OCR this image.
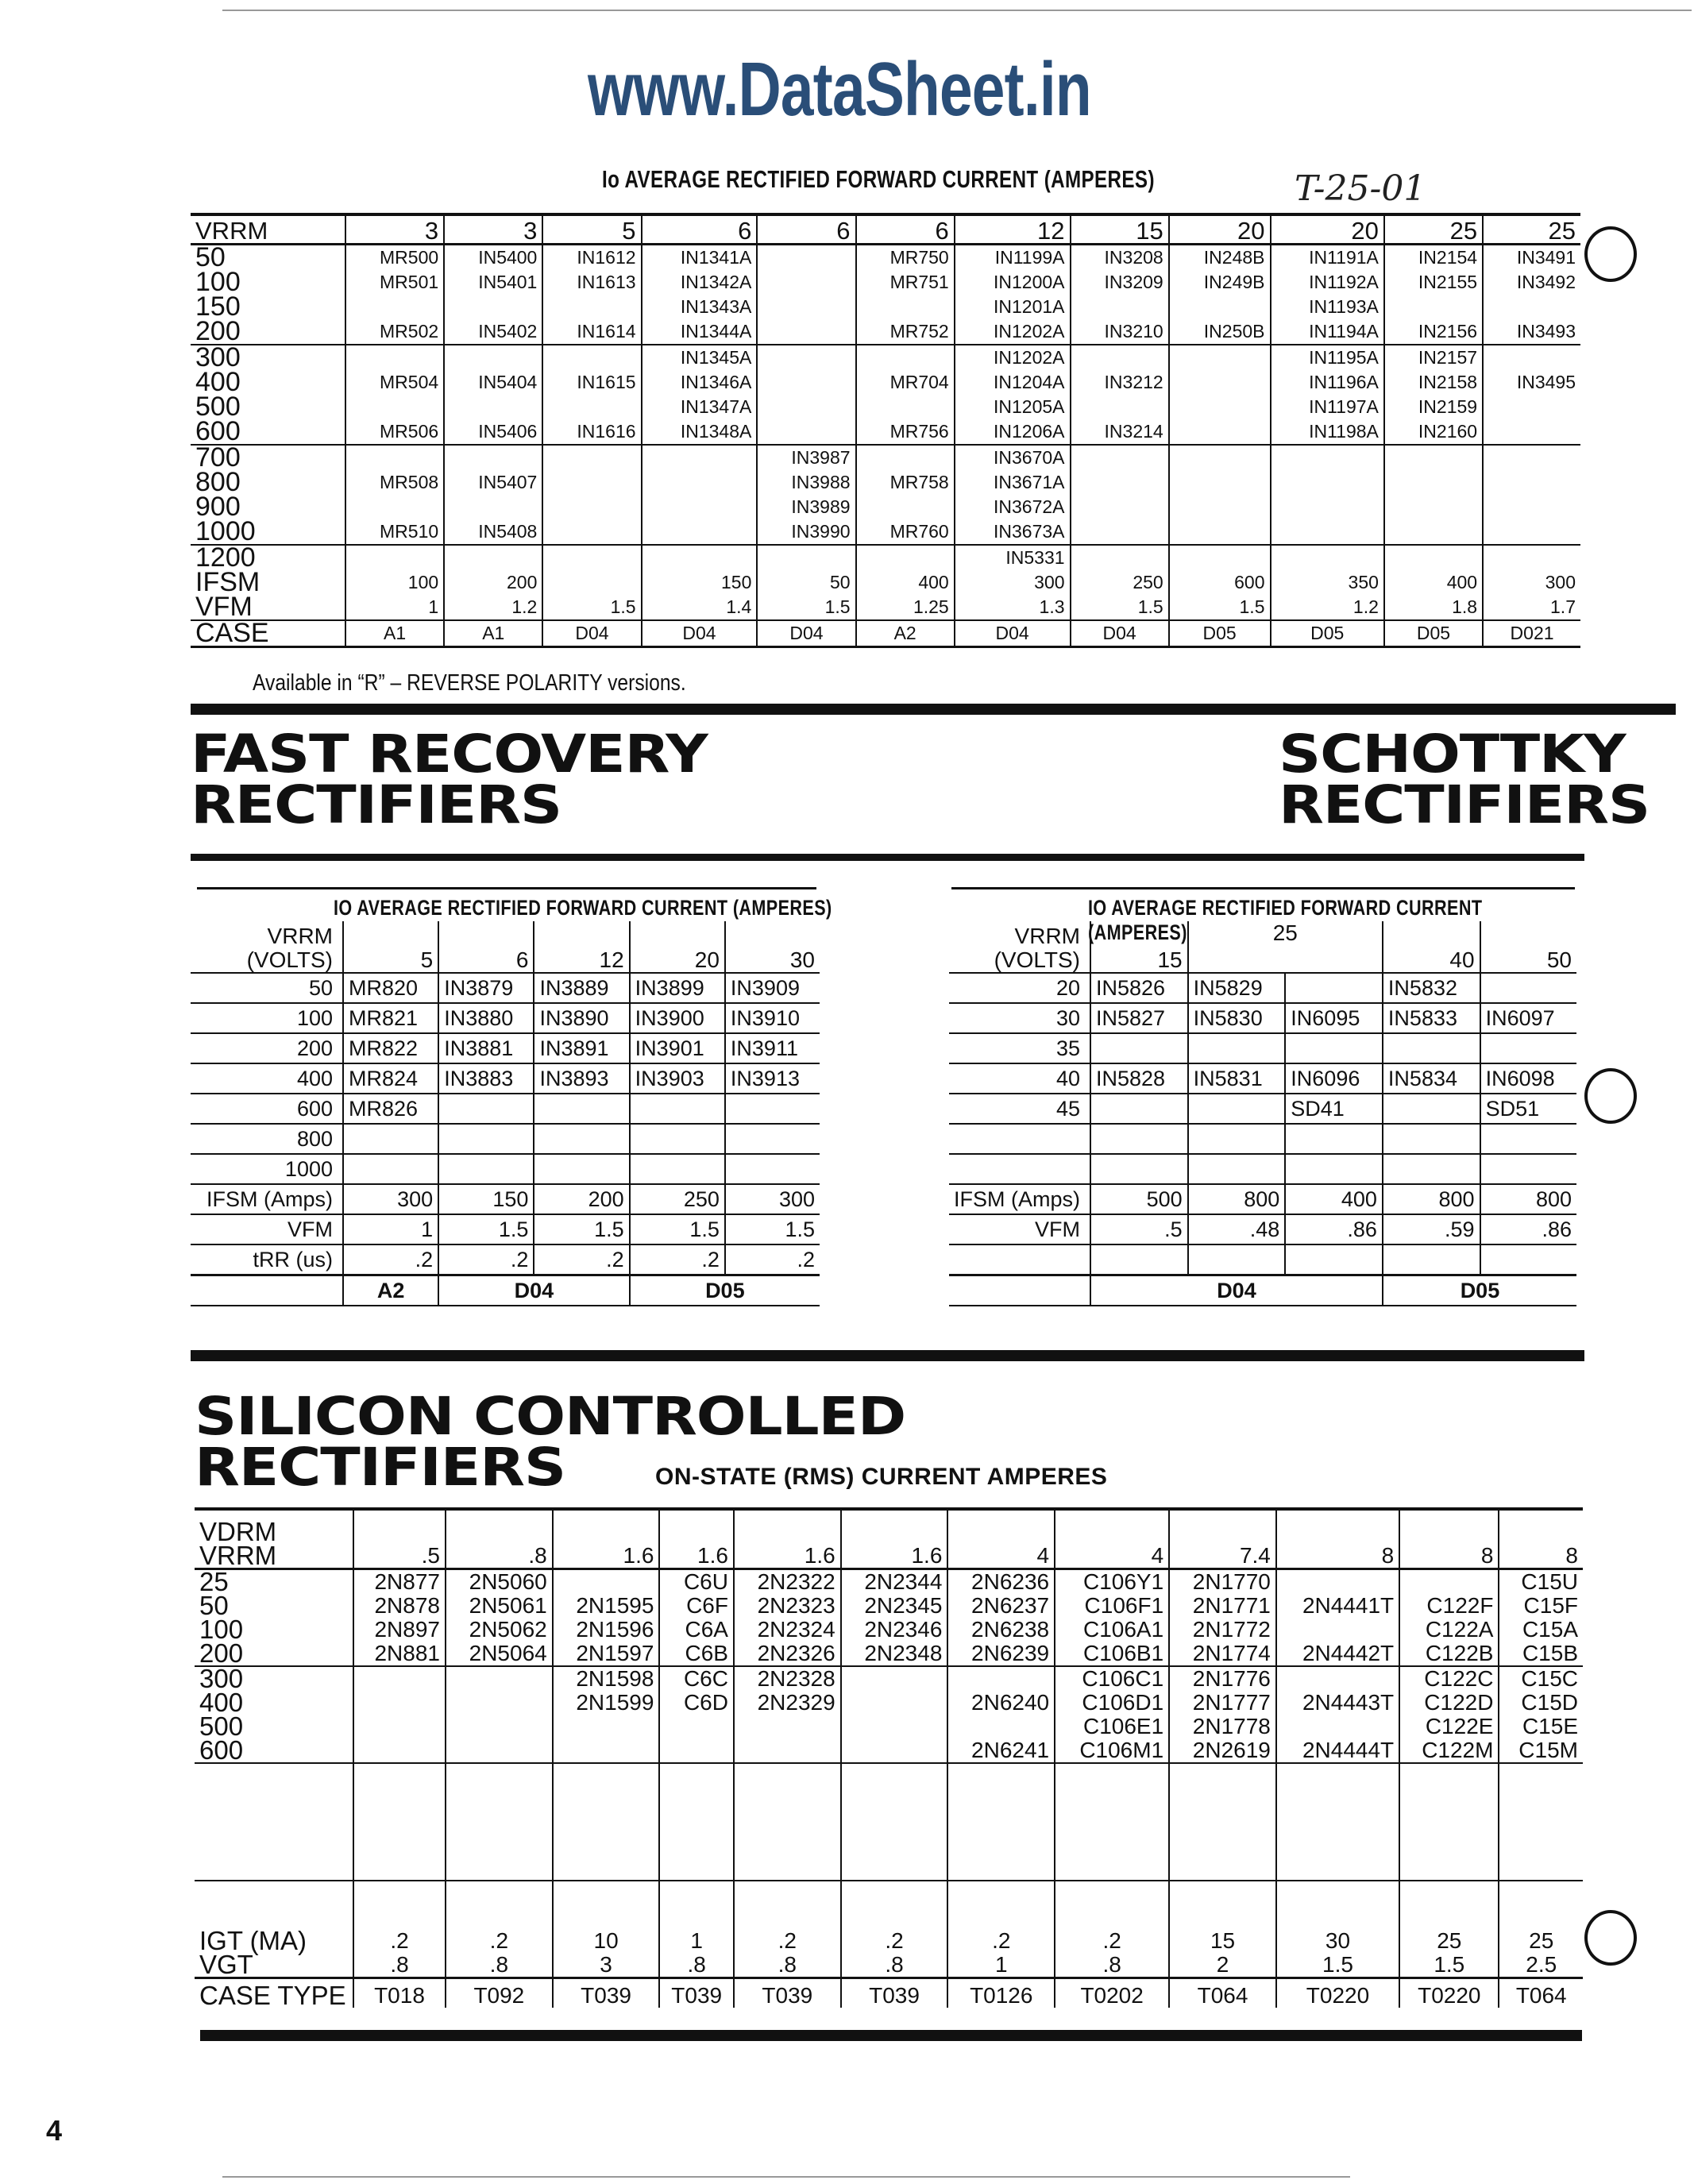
www.DataSheet.in
Io AVERAGE RECTIFIED FORWARD CURRENT (AMPERES)	T-25-01
VRRM	3	3	5	6	6	6	12	15	20	20	25	25
50	MR500	IN5400	IN1612	IN1341A		MR750	IN1199A	IN3208	IN248B	IN1191A	IN2154	IN3491
100	MR501	IN5401	IN1613	IN1342A		MR751	IN1200A	IN3209	IN249B	IN1192A	IN2155	IN3492
150				IN1343A			IN1201A			IN1193A		
200	MR502	IN5402	IN1614	IN1344A		MR752	IN1202A	IN3210	IN250B	IN1194A	IN2156	IN3493
300				IN1345A			IN1202A			IN1195A	IN2157	
400	MR504	IN5404	IN1615	IN1346A		MR704	IN1204A	IN3212		IN1196A	IN2158	IN3495
500				IN1347A			IN1205A			IN1197A	IN2159	
600	MR506	IN5406	IN1616	IN1348A		MR756	IN1206A	IN3214		IN1198A	IN2160	
700					IN3987		IN3670A					
800	MR508	IN5407			IN3988	MR758	IN3671A					
900					IN3989		IN3672A					
1000	MR510	IN5408			IN3990	MR760	IN3673A					
1200							IN5331					
IFSM	100	200		150	50	400	300	250	600	350	400	300
VFM	1	1.2	1.5	1.4	1.5	1.25	1.3	1.5	1.5	1.2	1.8	1.7
CASE	A1	A1	D04	D04	D04	A2	D04	D04	D05	D05	D05	D021
Available in “R” – REVERSE POLARITY versions.
FAST RECOVERY
RECTIFIERS
SCHOTTKY
RECTIFIERS
IO AVERAGE RECTIFIED FORWARD CURRENT (AMPERES)
VRRM
(VOLTS)	5	6	12	20	30
50	MR820	IN3879	IN3889	IN3899	IN3909
100	MR821	IN3880	IN3890	IN3900	IN3910
200	MR822	IN3881	IN3891	IN3901	IN3911
400	MR824	IN3883	IN3893	IN3903	IN3913
600	MR826				
800					
1000					
IFSM (Amps)	300	150	200	250	300
VFM	1	1.5	1.5	1.5	1.5
tRR (us)	.2	.2	.2	.2	.2
	A2	D04		D05	
IO AVERAGE RECTIFIED FORWARD CURRENT (AMPERES)
VRRM
(VOLTS)	15	25		40	50
20	IN5826	IN5829		IN5832	
30	IN5827	IN5830	IN6095	IN5833	IN6097
35					
40	IN5828	IN5831	IN6096	IN5834	IN6098
45			SD41		SD51

IFSM (Amps)	500	800	400	800	800
VFM	.5	.48	.86	.59	.86

	D04			D05	
SILICON CONTROLLED
RECTIFIERS	ON-STATE (RMS) CURRENT AMPERES
VDRM
VRRM	.5	.8	1.6	1.6	1.6	1.6	4	4	7.4	8	8	8
25	2N877	2N5060		C6U	2N2322	2N2344	2N6236	C106Y1	2N1770			C15U
50	2N878	2N5061	2N1595	C6F	2N2323	2N2345	2N6237	C106F1	2N1771	2N4441T	C122F	C15F
100	2N897	2N5062	2N1596	C6A	2N2324	2N2346	2N6238	C106A1	2N1772		C122A	C15A
200	2N881	2N5064	2N1597	C6B	2N2326	2N2348	2N6239	C106B1	2N1774	2N4442T	C122B	C15B
300			2N1598	C6C	2N2328			C106C1	2N1776		C122C	C15C
400			2N1599	C6D	2N2329		2N6240	C106D1	2N1777	2N4443T	C122D	C15D
500								C106E1	2N1778		C122E	C15E
600							2N6241	C106M1	2N2619	2N4444T	C122M	C15M

IGT (MA)	.2	.2	10	1	.2	.2	.2	.2	15	30	25	25
VGT	.8	.8	3	.8	.8	.8	1	.8	2	1.5	1.5	2.5
CASE TYPE	T018	T092	T039	T039	T039	T039	T0126	T0202	T064	T0220	T0220	T064
4
